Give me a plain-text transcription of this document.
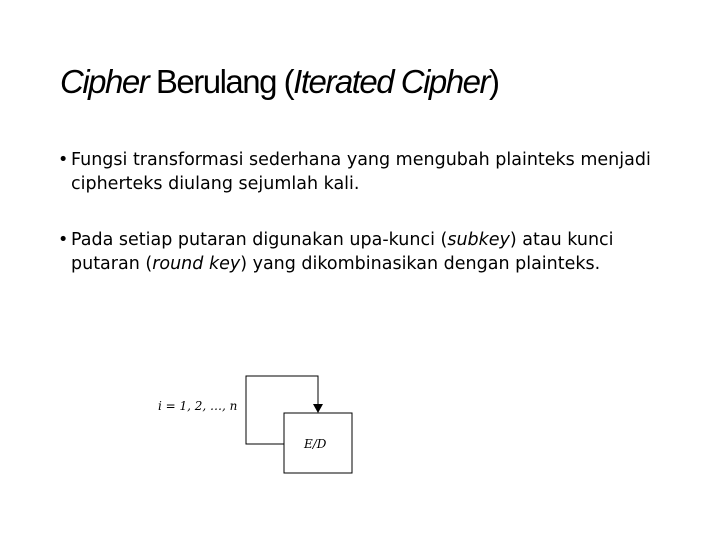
Cipher Berulang (Iterated Cipher)
• Fungsi transformasi sederhana yang mengubah plainteks menjadi cipherteks diulang sejumlah kali.
• Pada setiap putaran digunakan upa-kunci (subkey) atau kunci putaran (round key) yang dikombinasikan dengan plainteks.
i = 1, 2, …, n
E/D
